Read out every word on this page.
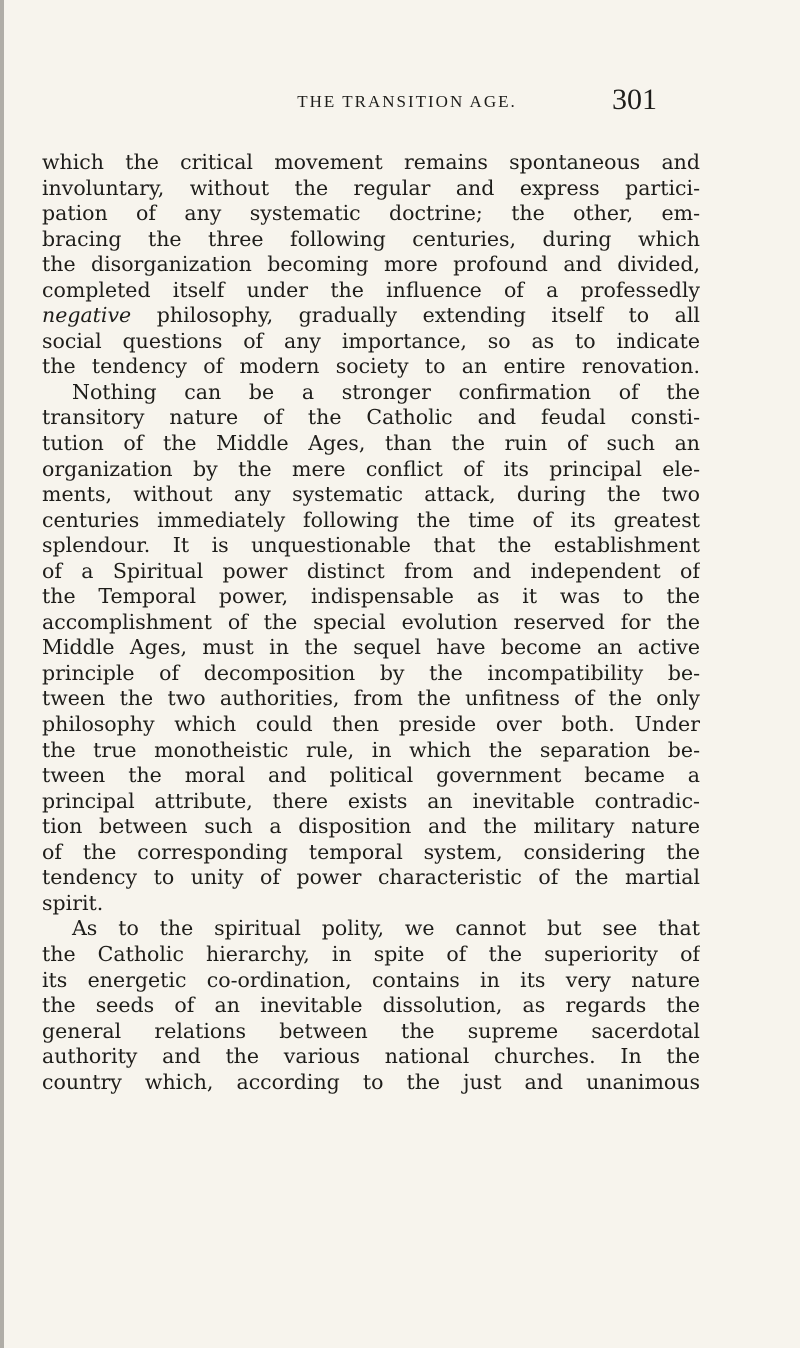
THE TRANSITION AGE.	301
which the critical movement remains spontaneous and
involuntary, without the regular and express partici-
pation of any systematic doctrine; the other, em-
bracing the three following centuries, during which
the disorganization becoming more profound and divided,
completed itself under the influence of a professedly
negative philosophy, gradually extending itself to all
social questions of any importance, so as to indicate
the tendency of modern society to an entire renovation.
Nothing can be a stronger confirmation of the
transitory nature of the Catholic and feudal consti-
tution of the Middle Ages, than the ruin of such an
organization by the mere conflict of its principal ele-
ments, without any systematic attack, during the two
centuries immediately following the time of its greatest
splendour. It is unquestionable that the establishment
of a Spiritual power distinct from and independent of
the Temporal power, indispensable as it was to the
accomplishment of the special evolution reserved for the
Middle Ages, must in the sequel have become an active
principle of decomposition by the incompatibility be-
tween the two authorities, from the unfitness of the only
philosophy which could then preside over both. Under
the true monotheistic rule, in which the separation be-
tween the moral and political government became a
principal attribute, there exists an inevitable contradic-
tion between such a disposition and the military nature
of the corresponding temporal system, considering the
tendency to unity of power characteristic of the martial
spirit.
As to the spiritual polity, we cannot but see that
the Catholic hierarchy, in spite of the superiority of
its energetic co-ordination, contains in its very nature
the seeds of an inevitable dissolution, as regards the
general relations between the supreme sacerdotal
authority and the various national churches. In the
country which, according to the just and unanimous
